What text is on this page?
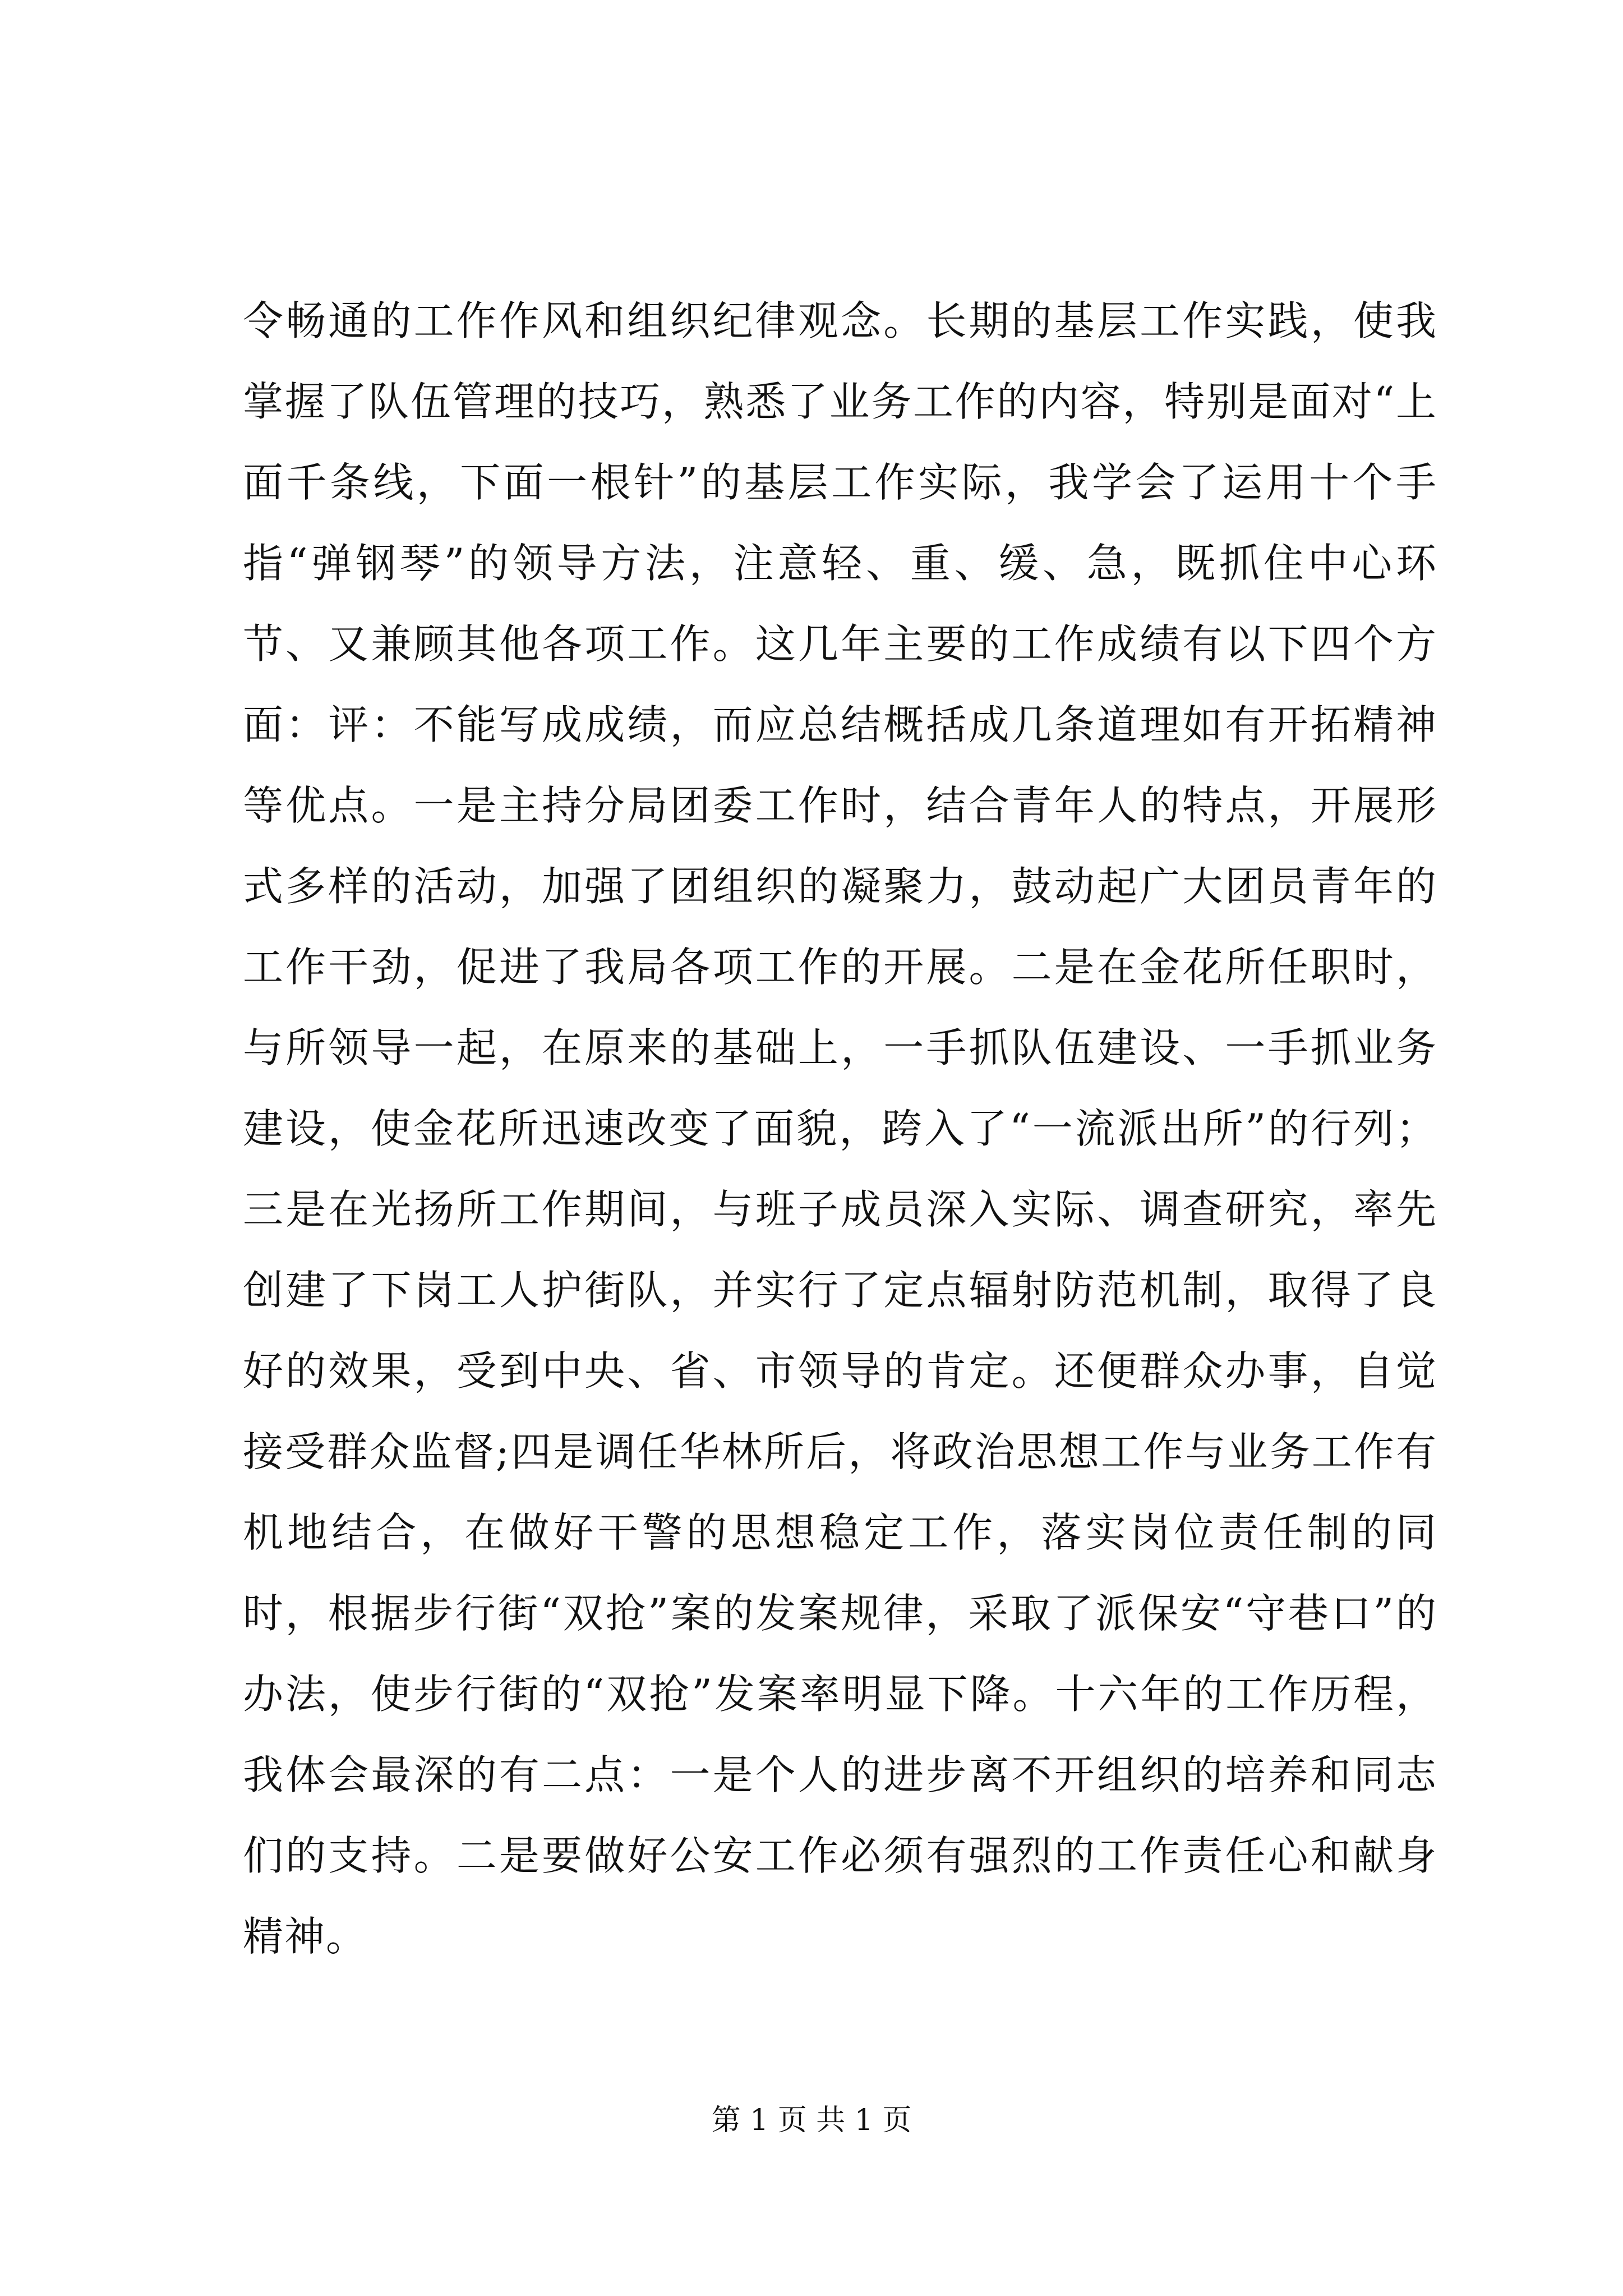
令畅通的工作作风和组织纪律观念。长期的基层工作实践，使我掌握了队伍管理的技巧，熟悉了业务工作的内容，特别是面对“上面千条线，下面一根针”的基层工作实际，我学会了运用十个手指“弹钢琴”的领导方法，注意轻、重、缓、急，既抓住中心环节、又兼顾其他各项工作。这几年主要的工作成绩有以下四个方面：评：不能写成成绩，而应总结概括成几条道理如有开拓精神等优点。一是主持分局团委工作时，结合青年人的特点，开展形式多样的活动，加强了团组织的凝聚力，鼓动起广大团员青年的工作干劲，促进了我局各项工作的开展。二是在金花所任职时，与所领导一起，在原来的基础上，一手抓队伍建设、一手抓业务建设，使金花所迅速改变了面貌，跨入了“一流派出所”的行列；三是在光扬所工作期间，与班子成员深入实际、调查研究，率先创建了下岗工人护街队，并实行了定点辐射防范机制，取得了良好的效果，受到中央、省、市领导的肯定。还便群众办事，自觉接受群众监督;四是调任华林所后，将政治思想工作与业务工作有机地结合，在做好干警的思想稳定工作，落实岗位责任制的同时，根据步行街“双抢”案的发案规律，采取了派保安“守巷口”的办法，使步行街的“双抢”发案率明显下降。十六年的工作历程，我体会最深的有二点：一是个人的进步离不开组织的培养和同志们的支持。二是要做好公安工作必须有强烈的工作责任心和献身精神。

第 1 页 共 1 页
